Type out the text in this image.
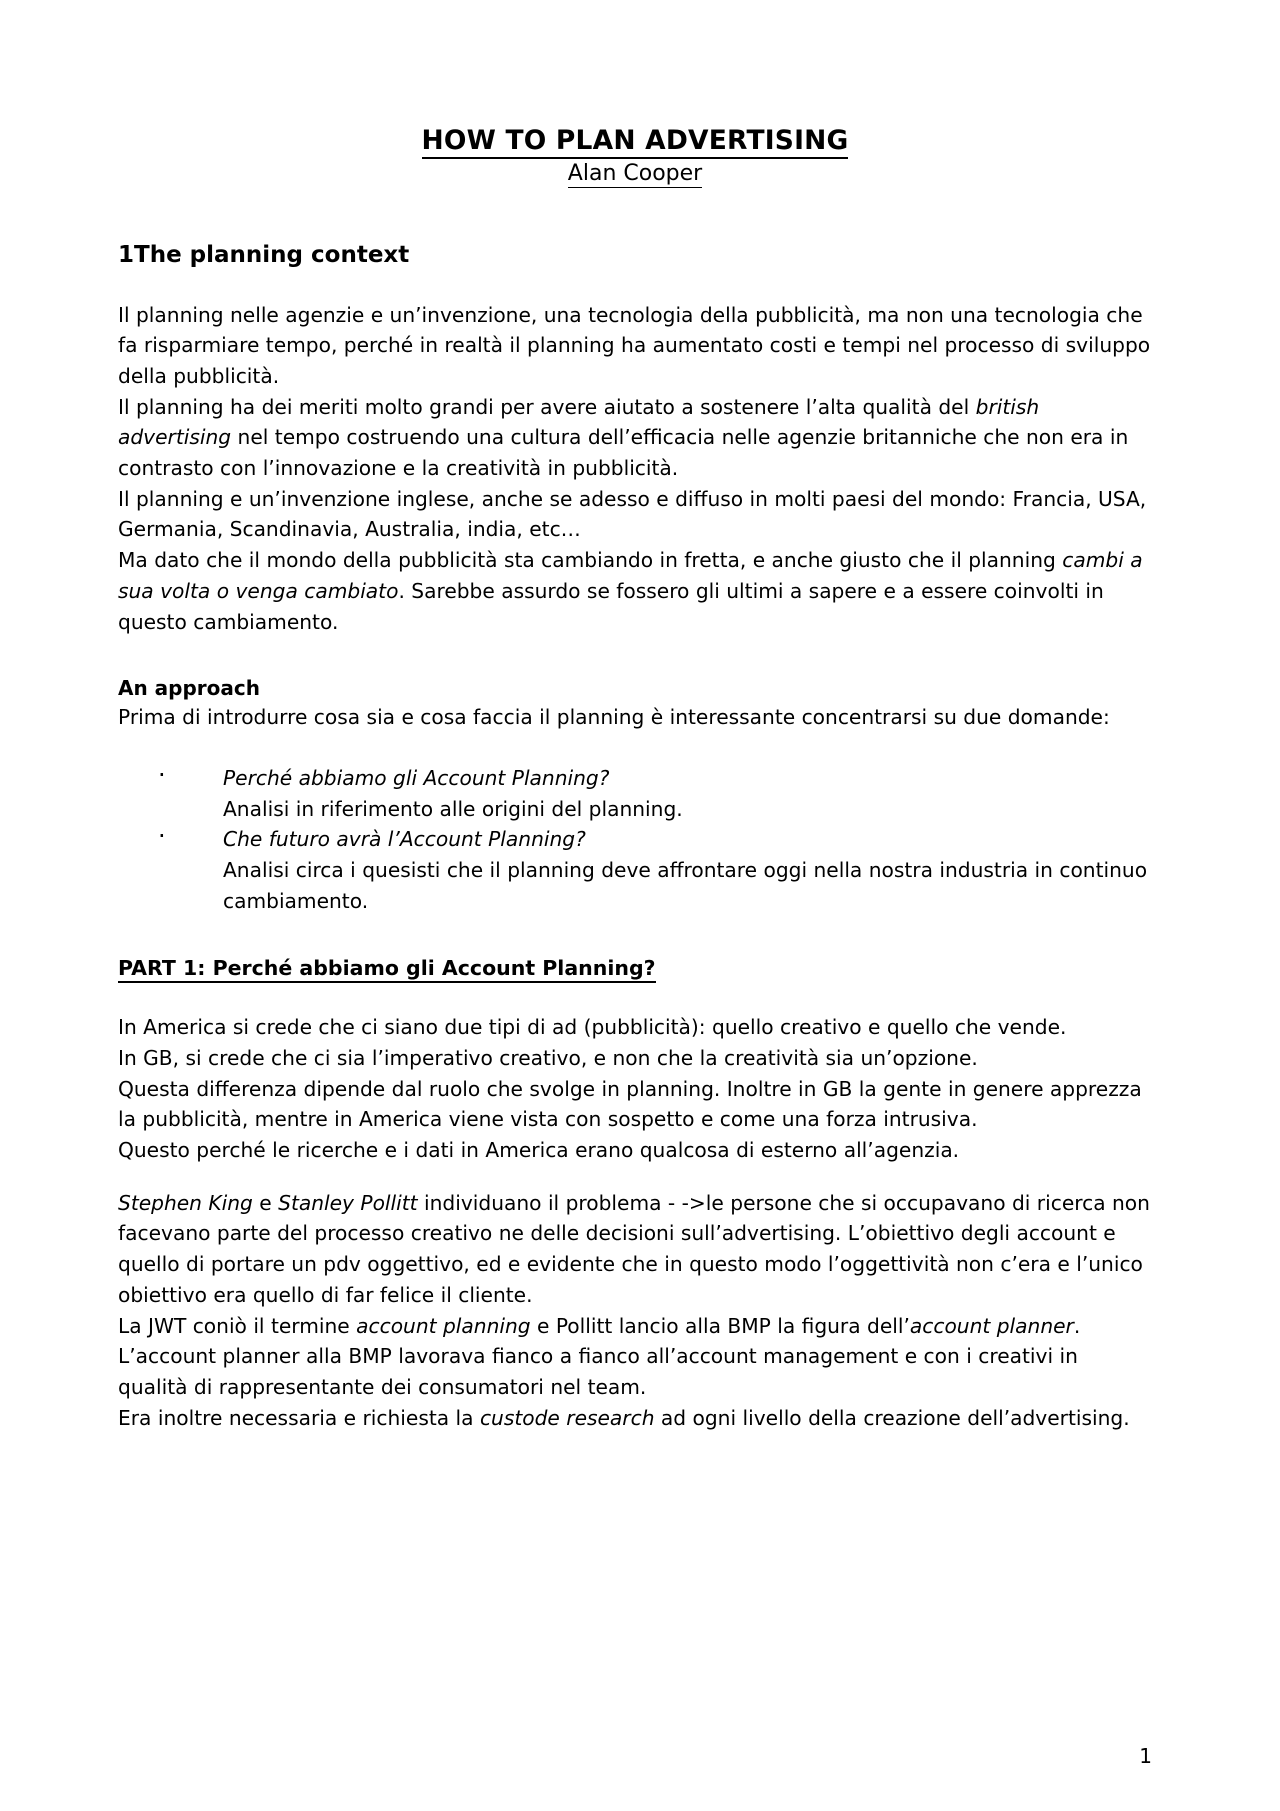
HOW TO PLAN ADVERTISING
Alan Cooper
1The planning context

Il planning nelle agenzie e un’invenzione, una tecnologia della pubblicità, ma non una tecnologia che fa risparmiare tempo, perché in realtà il planning ha aumentato costi e tempi nel processo di sviluppo della pubblicità.

Il planning ha dei meriti molto grandi per avere aiutato a sostenere l’alta qualità del british advertising nel tempo costruendo una cultura dell’efficacia nelle agenzie britanniche che non era in contrasto con l’innovazione e la creatività in pubblicità.

Il planning e un’invenzione inglese, anche se adesso e diffuso in molti paesi del mondo: Francia, USA, Germania, Scandinavia, Australia, india, etc…

Ma dato che il mondo della pubblicità sta cambiando in fretta, e anche giusto che il planning cambi a sua volta o venga cambiato. Sarebbe assurdo se fossero gli ultimi a sapere e a essere coinvolti in questo cambiamento.

An approach

Prima di introdurre cosa sia e cosa faccia il planning è interessante concentrarsi su due domande:

· Perché abbiamo gli Account Planning?
Analisi in riferimento alle origini del planning.
· Che futuro avrà l’Account Planning?
Analisi circa i quesisti che il planning deve affrontare oggi nella nostra industria in continuo cambiamento.
PART 1: Perché abbiamo gli Account Planning?

In America si crede che ci siano due tipi di ad (pubblicità): quello creativo e quello che vende.

In GB, si crede che ci sia l’imperativo creativo, e non che la creatività sia un’opzione.

Questa differenza dipende dal ruolo che svolge in planning. Inoltre in GB la gente in genere apprezza la pubblicità, mentre in America viene vista con sospetto e come una forza intrusiva.

Questo perché le ricerche e i dati in America erano qualcosa di esterno all’agenzia.

Stephen King e Stanley Pollitt individuano il problema - ->le persone che si occupavano di ricerca non facevano parte del processo creativo ne delle decisioni sull’advertising. L’obiettivo degli account e quello di portare un pdv oggettivo, ed e evidente che in questo modo l’oggettività non c’era e l’unico obiettivo era quello di far felice il cliente.

La JWT coniò il termine account planning e Pollitt lancio alla BMP la figura dell’account planner.

L’account planner alla BMP lavorava fianco a fianco all’account management e con i creativi in qualità di rappresentante dei consumatori nel team.

Era inoltre necessaria e richiesta la custode research ad ogni livello della creazione dell’advertising.

1
